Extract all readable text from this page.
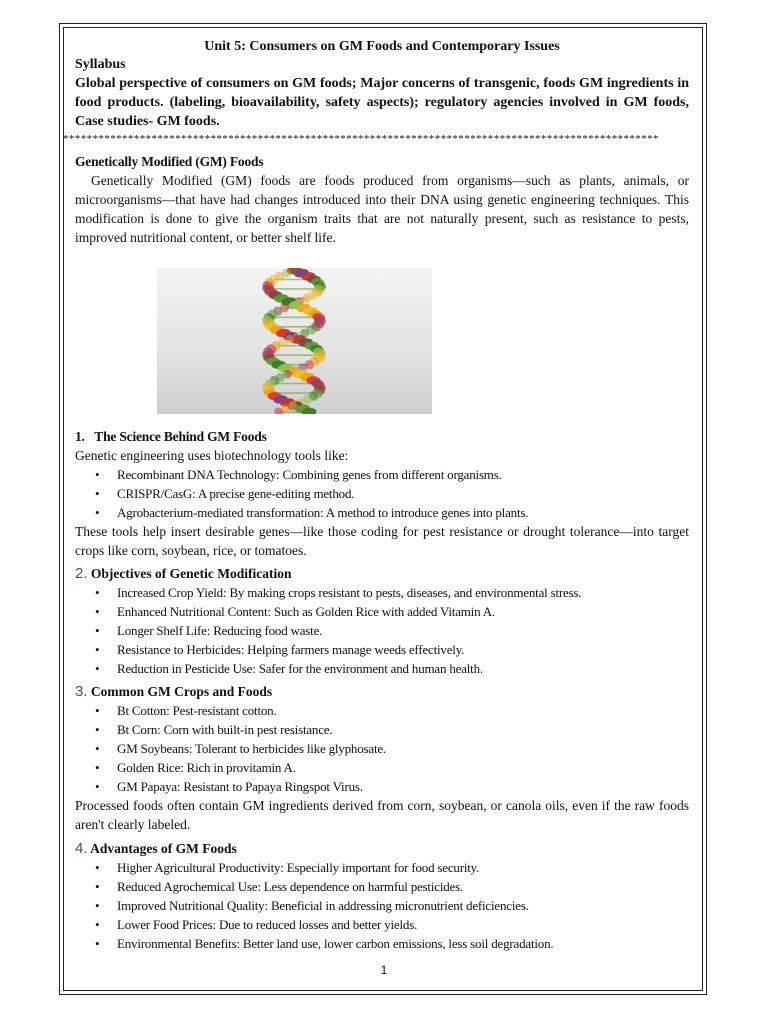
Unit 5: Consumers on GM Foods and Contemporary Issues

Syllabus

Global perspective of consumers on GM foods; Major concerns of transgenic, foods GM ingredients in food products. (labeling, bioavailability, safety aspects); regulatory agencies involved in GM foods, Case studies- GM foods.

*****************************************************************************************************

Genetically Modified (GM) Foods

Genetically Modified (GM) foods are foods produced from organisms—such as plants, animals, or microorganisms—that have had changes introduced into their DNA using genetic engineering techniques. This modification is done to give the organism traits that are not naturally present, such as resistance to pests, improved nutritional content, or better shelf life.

1. The Science Behind GM Foods

Genetic engineering uses biotechnology tools like:

• Recombinant DNA Technology: Combining genes from different organisms.
• CRISPR/CasG: A precise gene-editing method.
• Agrobacterium-mediated transformation: A method to introduce genes into plants.

These tools help insert desirable genes—like those coding for pest resistance or drought tolerance—into target crops like corn, soybean, rice, or tomatoes.

2. Objectives of Genetic Modification

• Increased Crop Yield: By making crops resistant to pests, diseases, and environmental stress.
• Enhanced Nutritional Content: Such as Golden Rice with added Vitamin A.
• Longer Shelf Life: Reducing food waste.
• Resistance to Herbicides: Helping farmers manage weeds effectively.
• Reduction in Pesticide Use: Safer for the environment and human health.

3. Common GM Crops and Foods

• Bt Cotton: Pest-resistant cotton.
• Bt Corn: Corn with built-in pest resistance.
• GM Soybeans: Tolerant to herbicides like glyphosate.
• Golden Rice: Rich in provitamin A.
• GM Papaya: Resistant to Papaya Ringspot Virus.

Processed foods often contain GM ingredients derived from corn, soybean, or canola oils, even if the raw foods aren't clearly labeled.

4. Advantages of GM Foods

• Higher Agricultural Productivity: Especially important for food security.
• Reduced Agrochemical Use: Less dependence on harmful pesticides.
• Improved Nutritional Quality: Beneficial in addressing micronutrient deficiencies.
• Lower Food Prices: Due to reduced losses and better yields.
• Environmental Benefits: Better land use, lower carbon emissions, less soil degradation.
1
